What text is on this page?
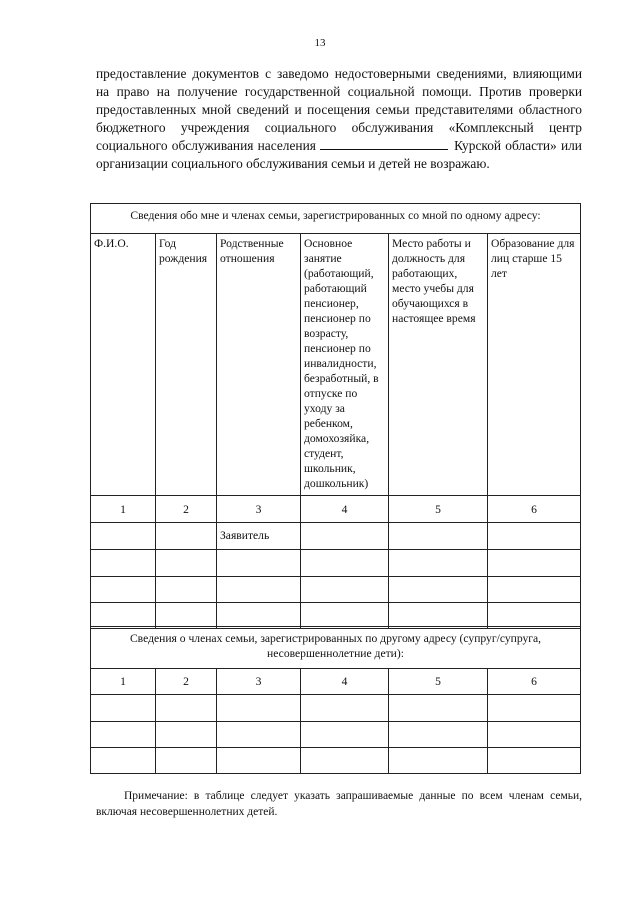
13

предоставление документов с заведомо недостоверными сведениями, влияющими на право на получение государственной социальной помощи. Против проверки предоставленных мной сведений и посещения семьи представителями областного бюджетного учреждения социального обслуживания «Комплексный центр социального обслуживания населения	Курской области» или организации социального обслуживания семьи и детей не возражаю.

Сведения обо мне и членах семьи, зарегистрированных со мной по одному адресу:					
Ф.И.О.	Год рождения	Родственные отношения	Основное занятие (работающий, работающий пенсионер, пенсионер по возрасту, пенсионер по инвалидности, безработный, в отпуске по уходу за ребенком, домохозяйка, студент, школьник, дошкольник)	Место работы и должность для работающих, место учебы для обучающихся в настоящее время	Образование для лиц старше 15 лет
1	2	3	4	5	6
		Заявитель			

Сведения о членах семьи, зарегистрированных по другому адресу (супруг/супруга, несовершеннолетние дети):					
1	2	3	4	5	6

Примечание: в таблице следует указать запрашиваемые данные по всем членам семьи, включая несовершеннолетних детей.
